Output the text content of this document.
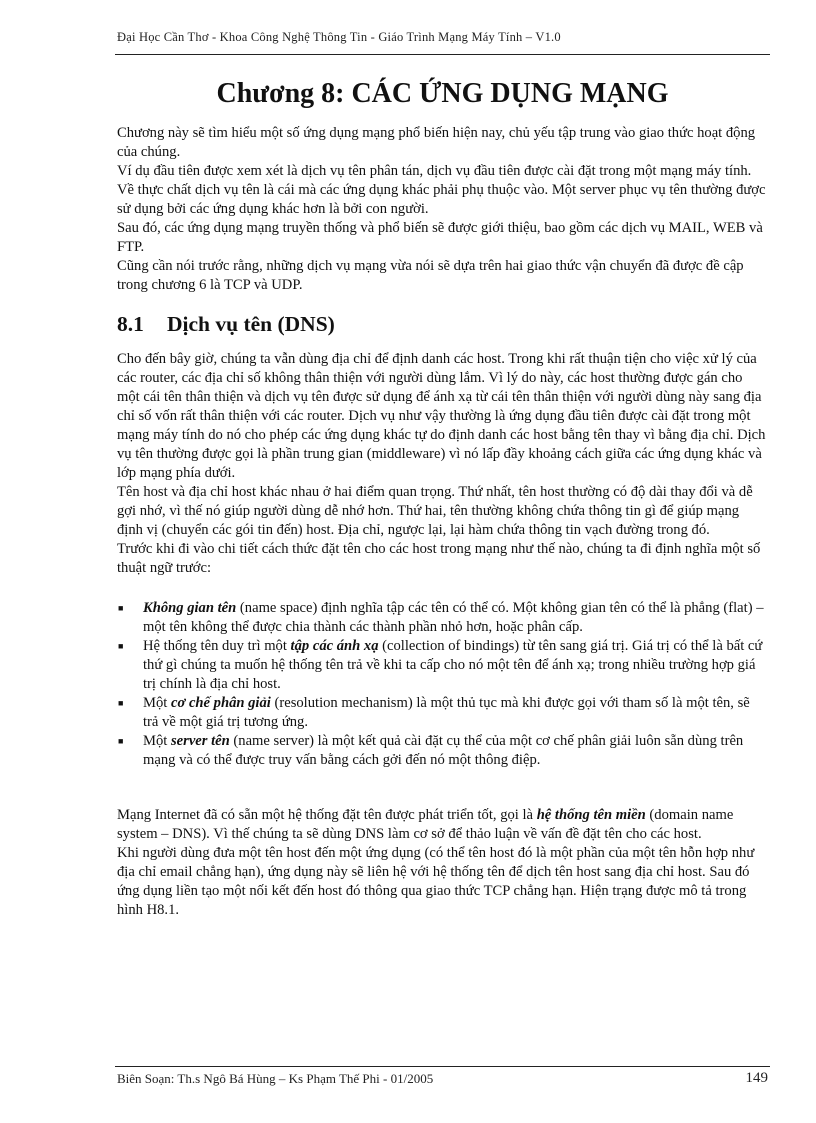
Đại Học Cần Thơ - Khoa Công Nghệ Thông Tin - Giáo Trình Mạng Máy Tính – V1.0
Chương 8: CÁC ỨNG DỤNG MẠNG

Chương này sẽ tìm hiểu một số ứng dụng mạng phổ biến hiện nay, chủ yếu tập trung vào giao thức hoạt động của chúng.

Ví dụ đầu tiên được xem xét là dịch vụ tên phân tán, dịch vụ đầu tiên được cài đặt trong một mạng máy tính. Về thực chất dịch vụ tên là cái mà các ứng dụng khác phải phụ thuộc vào. Một server phục vụ tên thường được sử dụng bởi các ứng dụng khác hơn là bởi con người.

Sau đó, các ứng dụng mạng truyền thống và phổ biến sẽ được giới thiệu, bao gồm các dịch vụ MAIL, WEB và FTP.

Cũng cần nói trước rằng, những dịch vụ mạng vừa nói sẽ dựa trên hai giao thức vận chuyển đã được đề cập trong chương 6 là TCP và UDP.

8.1 Dịch vụ tên (DNS)

Cho đến bây giờ, chúng ta vẫn dùng địa chỉ để định danh các host. Trong khi rất thuận tiện cho việc xử lý của các router, các địa chỉ số không thân thiện với người dùng lắm. Vì lý do này, các host thường được gán cho một cái tên thân thiện và dịch vụ tên được sử dụng để ánh xạ từ cái tên thân thiện với người dùng này sang địa chỉ số vốn rất thân thiện với các router. Dịch vụ như vậy thường là ứng dụng đầu tiên được cài đặt trong một mạng máy tính do nó cho phép các ứng dụng khác tự do định danh các host bằng tên thay vì bằng địa chỉ. Dịch vụ tên thường được gọi là phần trung gian (middleware) vì nó lấp đầy khoảng cách giữa các ứng dụng khác và lớp mạng phía dưới.

Tên host và địa chỉ host khác nhau ở hai điểm quan trọng. Thứ nhất, tên host thường có độ dài thay đổi và dễ gợi nhớ, vì thế nó giúp người dùng dễ nhớ hơn. Thứ hai, tên thường không chứa thông tin gì để giúp mạng định vị (chuyển các gói tin đến) host. Địa chỉ, ngược lại, lại hàm chứa thông tin vạch đường trong đó.

Trước khi đi vào chi tiết cách thức đặt tên cho các host trong mạng như thế nào, chúng ta đi định nghĩa một số thuật ngữ trước:

■ Không gian tên (name space) định nghĩa tập các tên có thể có. Một không gian tên có thể là phẳng (flat) – một tên không thể được chia thành các thành phần nhỏ hơn, hoặc phân cấp.
■ Hệ thống tên duy trì một tập các ánh xạ (collection of bindings) từ tên sang giá trị. Giá trị có thể là bất cứ thứ gì chúng ta muốn hệ thống tên trả về khi ta cấp cho nó một tên để ánh xạ; trong nhiều trường hợp giá trị chính là địa chỉ host.
■ Một cơ chế phân giải (resolution mechanism) là một thủ tục mà khi được gọi với tham số là một tên, sẽ trả về một giá trị tương ứng.
■ Một server tên (name server) là một kết quả cài đặt cụ thể của một cơ chế phân giải luôn sẵn dùng trên mạng và có thể được truy vấn bằng cách gởi đến nó một thông điệp.

Mạng Internet đã có sẵn một hệ thống đặt tên được phát triển tốt, gọi là hệ thống tên miền (domain name system – DNS). Vì thế chúng ta sẽ dùng DNS làm cơ sở để thảo luận về vấn đề đặt tên cho các host.

Khi người dùng đưa một tên host đến một ứng dụng (có thể tên host đó là một phần của một tên hỗn hợp như địa chỉ email chẳng hạn), ứng dụng này sẽ liên hệ với hệ thống tên để dịch tên host sang địa chỉ host. Sau đó ứng dụng liền tạo một nối kết đến host đó thông qua giao thức TCP chẳng hạn. Hiện trạng được mô tả trong hình H8.1.

Biên Soạn: Th.s Ngô Bá Hùng – Ks Phạm Thế Phi - 01/2005	149
